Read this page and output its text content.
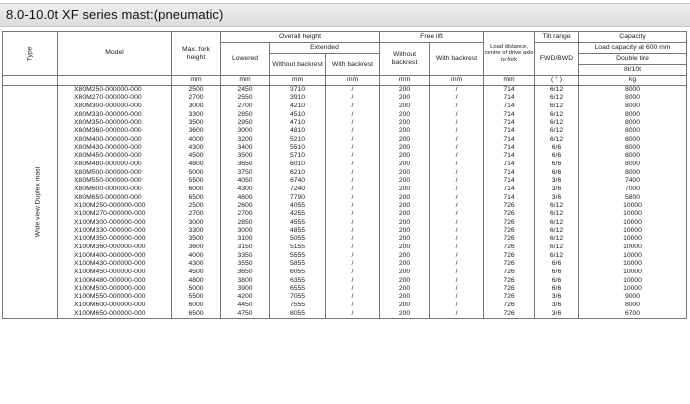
8.0-10.0t XF series mast:(pneumatic)
Type	Model	Max. fork height	Overall height			Free lift		Load distance, centre of drive axle to fork	Tilt range	Capacity
			Lowered	Extended		Without backrest	With backrest		FWD/BWD	Load capacity at 600 mm
				Without backrest	With backrest					Double tire
8t/10t

		mm	mm	mm	mm	mm	mm	mm	( ° )	kg
Wide view Duplex mast	X80M250-000000-000	2500	2450	3710	/	200	/	714	6/12	8000
	X80M270-000000-000	2700	2550	3910	/	200	/	714	6/12	8000
	X80M300-000000-000	3000	2700	4210	/	200	/	714	6/12	8000
	X80M330-000000-000	3300	2850	4510	/	200	/	714	6/12	8000
	X80M350-000000-000	3500	2950	4710	/	200	/	714	6/12	8000
	X80M360-000000-000	3600	3000	4810	/	200	/	714	6/12	8000
	X80M400-000000-000	4000	3200	5210	/	200	/	714	6/12	8000
	X80M430-000000-000	4300	3400	5510	/	200	/	714	6/6	8000
	X80M450-000000-000	4500	3500	5710	/	200	/	714	6/6	8000
	X80M480-000000-000	4800	3650	6010	/	200	/	714	6/6	8000
	X80M500-000000-000	5000	3750	6210	/	200	/	714	6/6	8000
	X80M550-000000-000	5500	4050	6740	/	200	/	714	3/6	7400
	X80M600-000000-000	6000	4300	7240	/	200	/	714	3/6	7000
	X80M650-000000-000	6500	4600	7790	/	200	/	714	3/6	5800
	X100M250-000000-000	2500	2600	4055	/	200	/	726	6/12	10000
	X100M270-000000-000	2700	2700	4255	/	200	/	726	6/12	10000
	X100M300-000000-000	3000	2850	4555	/	200	/	726	6/12	10000
	X100M330-000000-000	3300	3000	4855	/	200	/	726	6/12	10000
	X100M350-000000-000	3500	3100	5055	/	200	/	726	6/12	10000
	X100M360-000000-000	3600	3150	5155	/	200	/	726	6/12	10000
	X100M400-000000-000	4000	3350	5555	/	200	/	726	6/12	10000
	X100M430-000000-000	4300	3550	5855	/	200	/	726	6/6	10000
	X100M450-000000-000	4500	3650	6055	/	200	/	726	6/6	10000
	X100M480-000000-000	4800	3800	6355	/	200	/	726	6/6	10000
	X100M500-000000-000	5000	3900	6555	/	200	/	726	6/6	10000
	X100M550-000000-000	5500	4200	7055	/	200	/	726	3/6	9000
	X100M600-000000-000	6000	4450	7555	/	200	/	726	3/6	8000
	X100M650-000000-000	6500	4750	8055	/	200	/	726	3/6	6700
